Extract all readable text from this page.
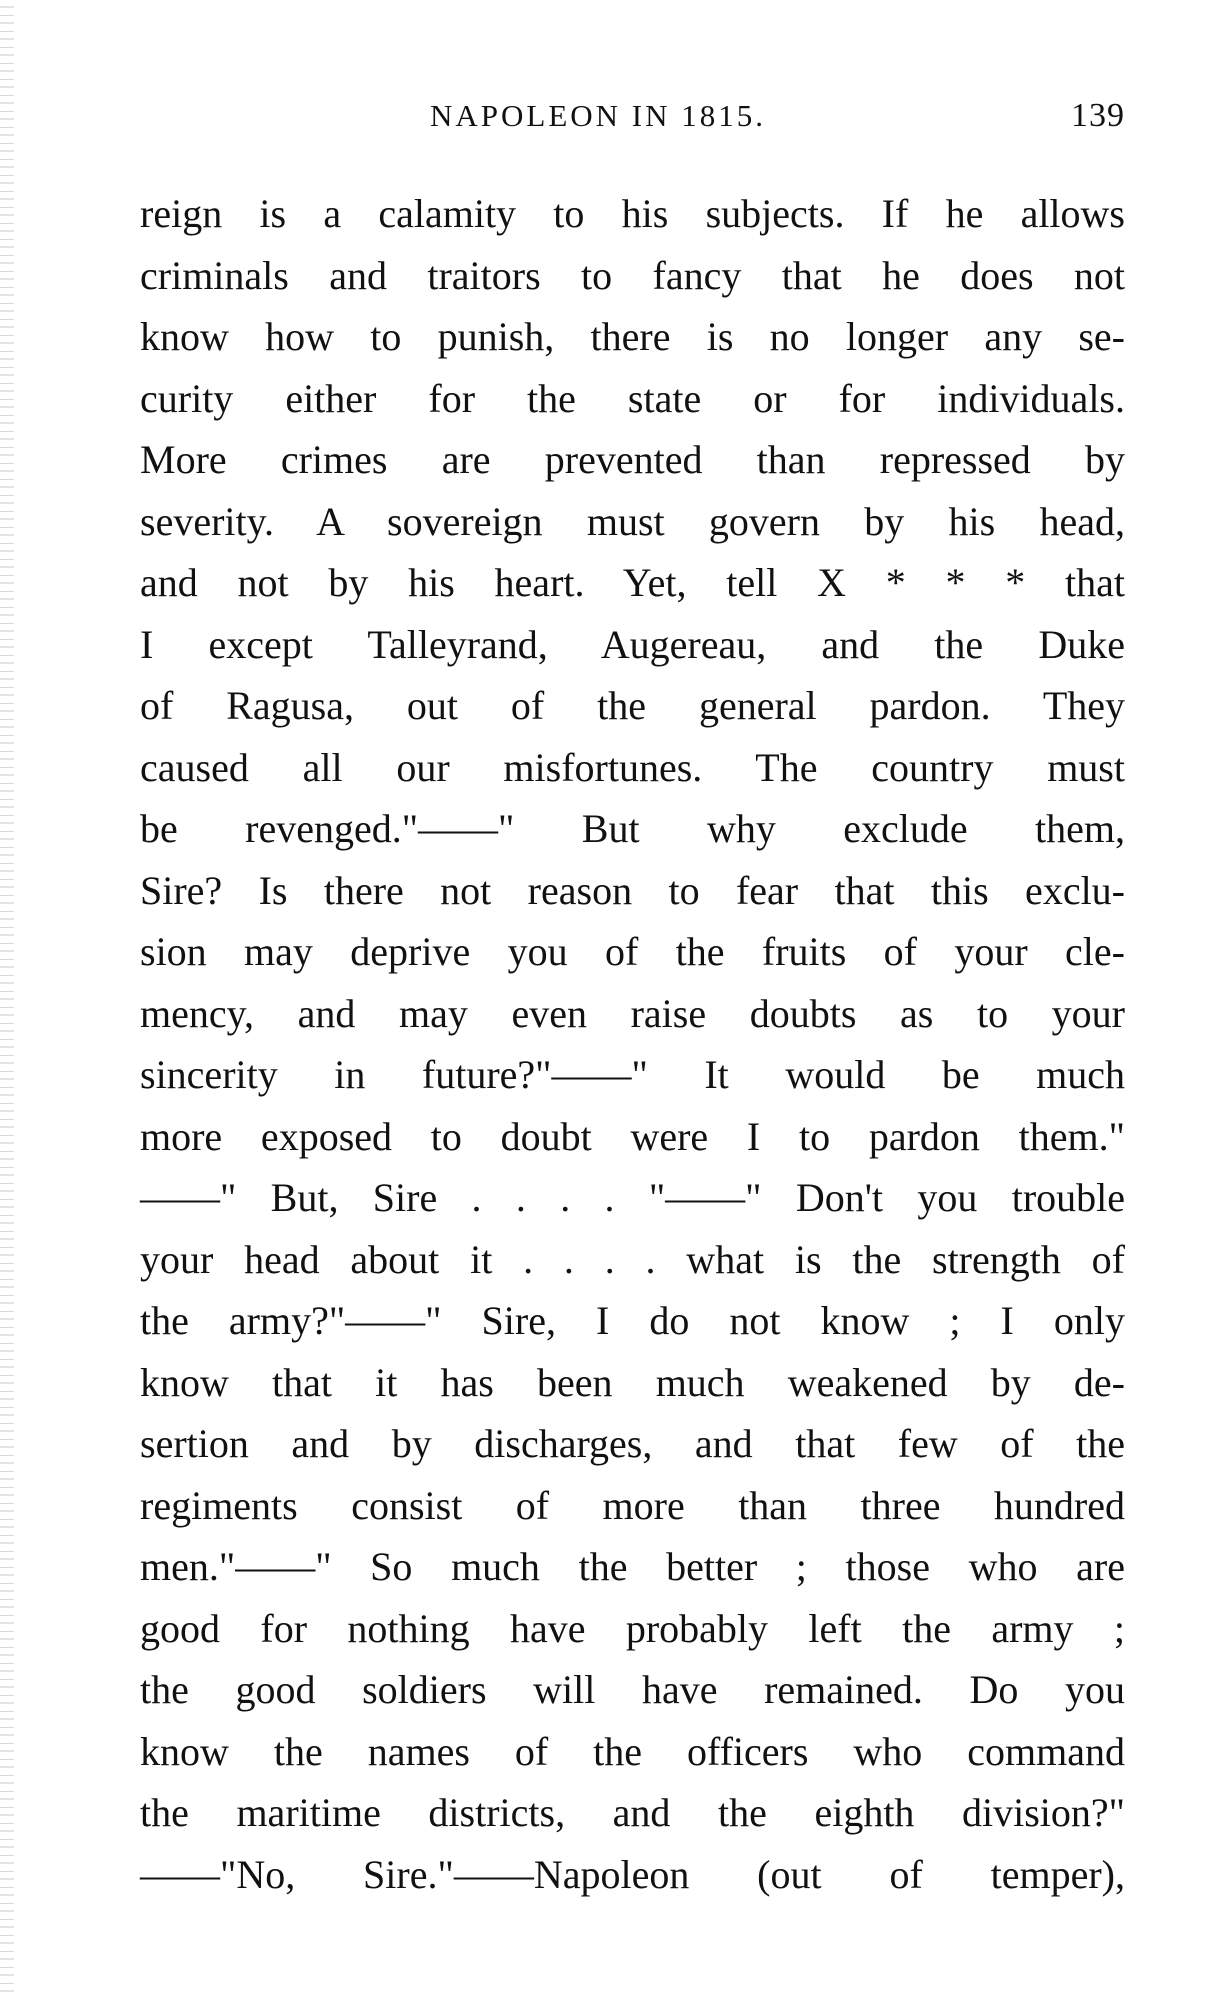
NAPOLEON IN 1815.	139
reign is a calamity to his subjects. If he allows
criminals and traitors to fancy that he does not
know how to punish, there is no longer any se-
curity either for the state or for individuals.
More crimes are prevented than repressed by
severity. A sovereign must govern by his head,
and not by his heart. Yet, tell X * * * that
I except Talleyrand, Augereau, and the Duke
of Ragusa, out of the general pardon. They
caused all our misfortunes. The country must
be revenged."——" But why exclude them,
Sire? Is there not reason to fear that this exclu-
sion may deprive you of the fruits of your cle-
mency, and may even raise doubts as to your
sincerity in future?"——" It would be much
more exposed to doubt were I to pardon them."
——" But, Sire . . . . "——" Don't you trouble
your head about it . . . . what is the strength of
the army?"——" Sire, I do not know ; I only
know that it has been much weakened by de-
sertion and by discharges, and that few of the
regiments consist of more than three hundred
men."——" So much the better ; those who are
good for nothing have probably left the army ;
the good soldiers will have remained. Do you
know the names of the officers who command
the maritime districts, and the eighth division?"
——"No, Sire."——Napoleon (out of temper),
